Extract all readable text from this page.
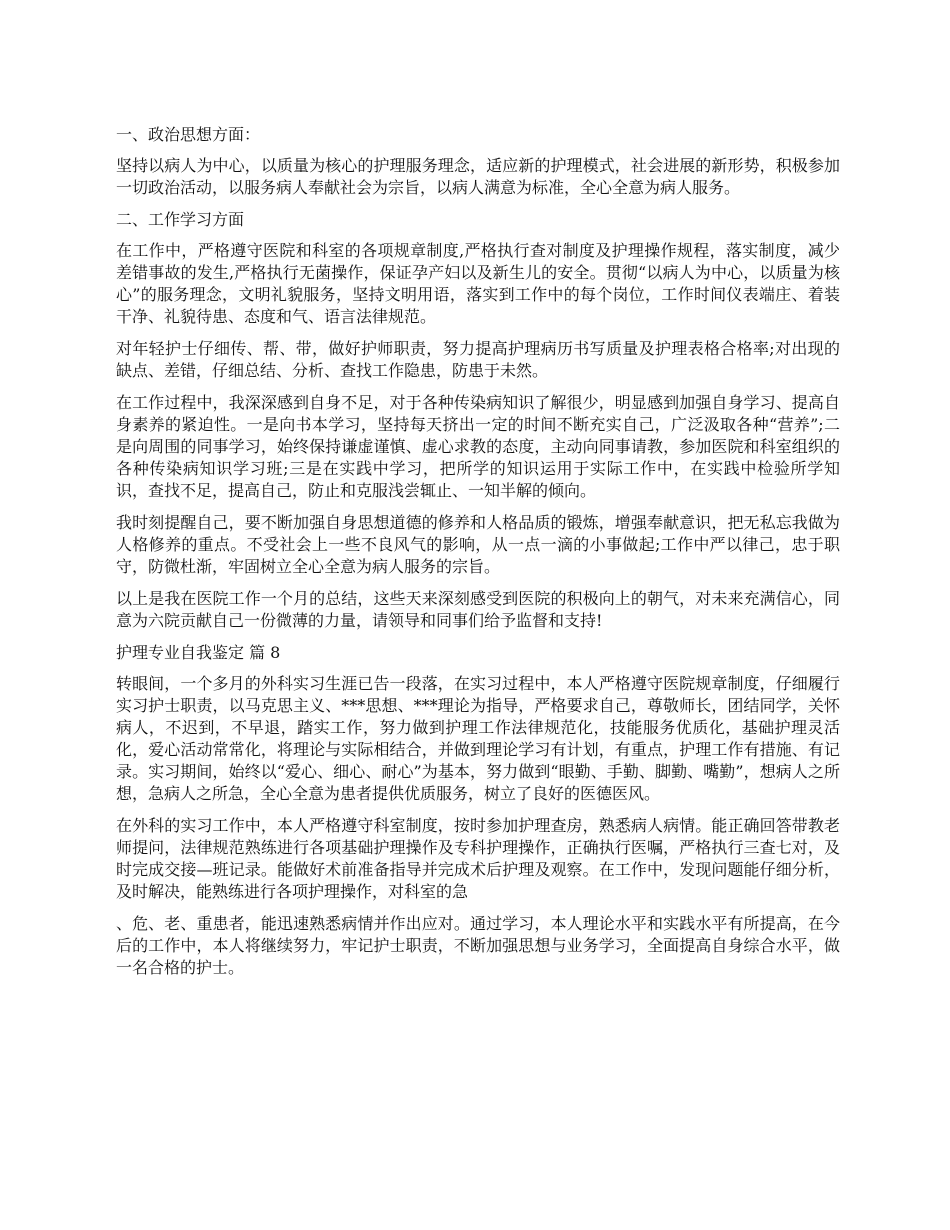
一、政治思想方面：
坚持以病人为中心，以质量为核心的护理服务理念，适应新的护理模式，社会进展的新形势，积极参加一切政治活动，以服务病人奉献社会为宗旨，以病人满意为标准，全心全意为病人服务。
二、工作学习方面
在工作中，严格遵守医院和科室的各项规章制度,严格执行查对制度及护理操作规程，落实制度，减少差错事故的发生,严格执行无菌操作，保证孕产妇以及新生儿的安全。贯彻“以病人为中心，以质量为核心”的服务理念，文明礼貌服务，坚持文明用语，落实到工作中的每个岗位，工作时间仪表端庄、着装干净、礼貌待患、态度和气、语言法律规范。
对年轻护士仔细传、帮、带，做好护师职责，努力提高护理病历书写质量及护理表格合格率;对出现的缺点、差错，仔细总结、分析、查找工作隐患，防患于未然。
在工作过程中，我深深感到自身不足，对于各种传染病知识了解很少，明显感到加强自身学习、提高自身素养的紧迫性。一是向书本学习，坚持每天挤出一定的时间不断充实自己，广泛汲取各种“营养”;二是向周围的同事学习，始终保持谦虚谨慎、虚心求教的态度，主动向同事请教，参加医院和科室组织的各种传染病知识学习班;三是在实践中学习，把所学的知识运用于实际工作中，在实践中检验所学知识，查找不足，提高自己，防止和克服浅尝辄止、一知半解的倾向。
我时刻提醒自己，要不断加强自身思想道德的修养和人格品质的锻炼，增强奉献意识，把无私忘我做为人格修养的重点。不受社会上一些不良风气的影响，从一点一滴的小事做起;工作中严以律己，忠于职守，防微杜渐，牢固树立全心全意为病人服务的宗旨。
以上是我在医院工作一个月的总结，这些天来深刻感受到医院的积极向上的朝气，对未来充满信心，同意为六院贡献自己一份微薄的力量，请领导和同事们给予监督和支持!
护理专业自我鉴定 篇 8
转眼间，一个多月的外科实习生涯已告一段落，在实习过程中，本人严格遵守医院规章制度，仔细履行实习护士职责，以马克思主义、***思想、***理论为指导，严格要求自己，尊敬师长，团结同学，关怀病人，不迟到，不早退，踏实工作，努力做到护理工作法律规范化，技能服务优质化，基础护理灵活化，爱心活动常常化，将理论与实际相结合，并做到理论学习有计划，有重点，护理工作有措施、有记录。实习期间，始终以“爱心、细心、耐心”为基本，努力做到“眼勤、手勤、脚勤、嘴勤”，想病人之所想，急病人之所急，全心全意为患者提供优质服务，树立了良好的医德医风。
在外科的实习工作中，本人严格遵守科室制度，按时参加护理查房，熟悉病人病情。能正确回答带教老师提问，法律规范熟练进行各项基础护理操作及专科护理操作，正确执行医嘱，严格执行三查七对，及时完成交接—班记录。能做好术前准备指导并完成术后护理及观察。在工作中，发现问题能仔细分析，及时解决，能熟练进行各项护理操作，对科室的急
、危、老、重患者，能迅速熟悉病情并作出应对。通过学习，本人理论水平和实践水平有所提高，在今后的工作中，本人将继续努力，牢记护士职责，不断加强思想与业务学习，全面提高自身综合水平，做一名合格的护士。
